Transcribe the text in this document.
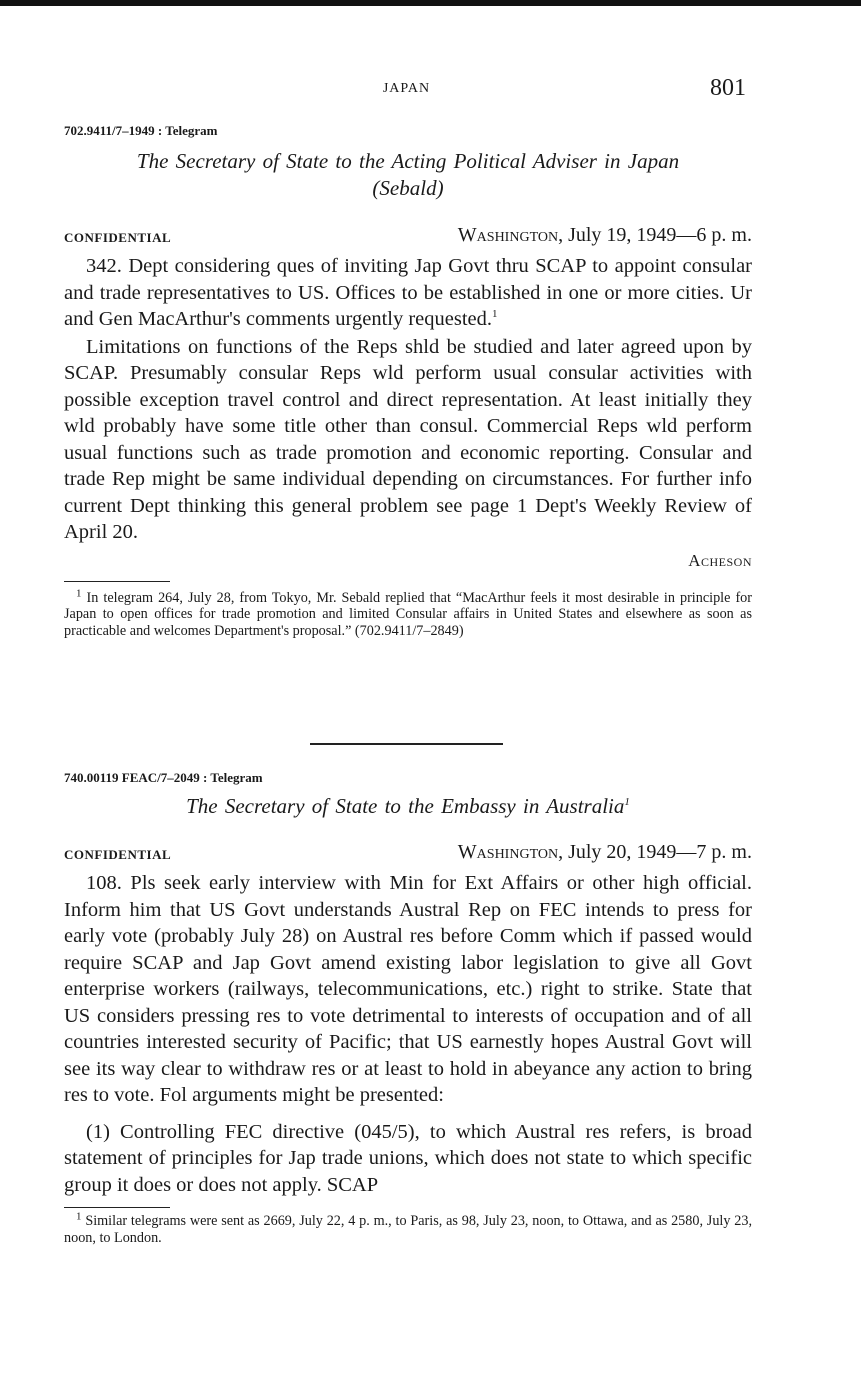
JAPAN	801

702.9411/7–1949 : Telegram

The Secretary of State to the Acting Political Adviser in Japan
(Sebald)

CONFIDENTIAL	Washington, July 19, 1949—6 p. m.

342. Dept considering ques of inviting Jap Govt thru SCAP to appoint consular and trade representatives to US. Offices to be established in one or more cities. Ur and Gen MacArthur's comments urgently requested.$^1$

Limitations on functions of the Reps shld be studied and later agreed upon by SCAP. Presumably consular Reps wld perform usual consular activities with possible exception travel control and direct representation. At least initially they wld probably have some title other than consul. Commercial Reps wld perform usual functions such as trade promotion and economic reporting. Consular and trade Rep might be same individual depending on circumstances. For further info current Dept thinking this general problem see page 1 Dept's Weekly Review of April 20.

Acheson

$^1$ In telegram 264, July 28, from Tokyo, Mr. Sebald replied that “MacArthur feels it most desirable in principle for Japan to open offices for trade promotion and limited Consular affairs in United States and elsewhere as soon as practicable and welcomes Department's proposal.” (702.9411/7–2849)

740.00119 FEAC/7–2049 : Telegram

The Secretary of State to the Embassy in Australia$^1$

CONFIDENTIAL	Washington, July 20, 1949—7 p. m.

108. Pls seek early interview with Min for Ext Affairs or other high official. Inform him that US Govt understands Austral Rep on FEC intends to press for early vote (probably July 28) on Austral res before Comm which if passed would require SCAP and Jap Govt amend existing labor legislation to give all Govt enterprise workers (railways, telecommunications, etc.) right to strike. State that US considers pressing res to vote detrimental to interests of occupation and of all countries interested security of Pacific; that US earnestly hopes Austral Govt will see its way clear to withdraw res or at least to hold in abeyance any action to bring res to vote. Fol arguments might be presented:

(1) Controlling FEC directive (045/5), to which Austral res refers, is broad statement of principles for Jap trade unions, which does not state to which specific group it does or does not apply. SCAP

$^1$ Similar telegrams were sent as 2669, July 22, 4 p. m., to Paris, as 98, July 23, noon, to Ottawa, and as 2580, July 23, noon, to London.
